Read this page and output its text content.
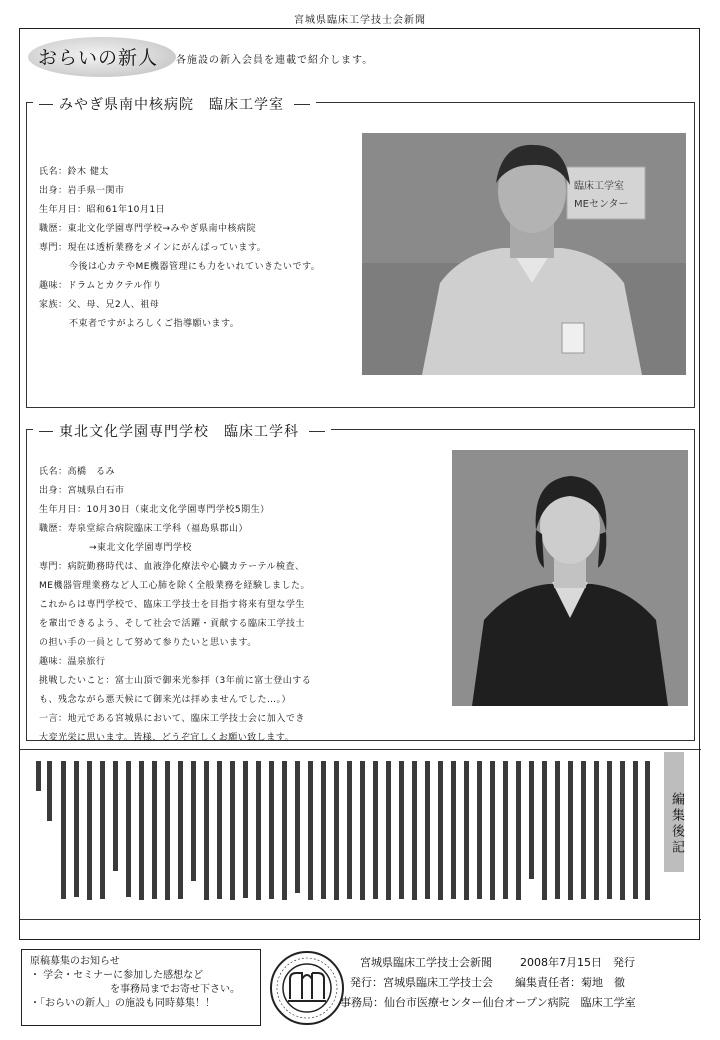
宮城県臨床工学技士会新聞
おらいの新人 各施設の新入会員を連載で紹介します。
みやぎ県南中核病院　臨床工学室
氏名：鈴木 健太
出身：岩手県一関市
生年月日：昭和61年10月1日
職歴：東北文化学園専門学校→みやぎ県南中核病院
専門：現在は透析業務をメインにがんばっています。
今後は心カテやME機器管理にも力をいれていきたいです。
趣味：ドラムとカクテル作り
家族：父、母、兄2人、祖母
不束者ですがよろしくご指導願います。
臨床工学室
MEセンター
東北文化学園専門学校　臨床工学科
氏名：高橋　るみ
出身：宮城県白石市
生年月日：10月30日（東北文化学園専門学校5期生）
職歴：寿泉堂綜合病院臨床工学科（福島県郡山）
→東北文化学園専門学校
専門：病院勤務時代は、血液浄化療法や心臓カテーテル検査、
ME機器管理業務など人工心肺を除く全般業務を経験しました。
これからは専門学校で、臨床工学技士を目指す将来有望な学生
を輩出できるよう、そして社会で活躍・貢献する臨床工学技士
の担い手の一員として努めて参りたいと思います。
趣味：温泉旅行
挑戦したいこと：富士山頂で御来光参拝（3年前に富士登山する
も、残念ながら悪天候にて御来光は拝めませんでした…。）
一言：地元である宮城県において、臨床工学技士会に加入でき
大変光栄に思います。皆様、どうぞ宜しくお願い致します。
編集後記
原稿募集のお知らせ
・ 学会・セミナーに参加した感想など
を事務局までお寄せ下さい。
・「おらいの新人」の施設も同時募集！！
宮城県臨床工学技士会新聞	2008年7月15日　発行
発行：宮城県臨床工学技士会 編集責任者：菊地　徹
事務局：仙台市医療センター仙台オープン病院　臨床工学室
